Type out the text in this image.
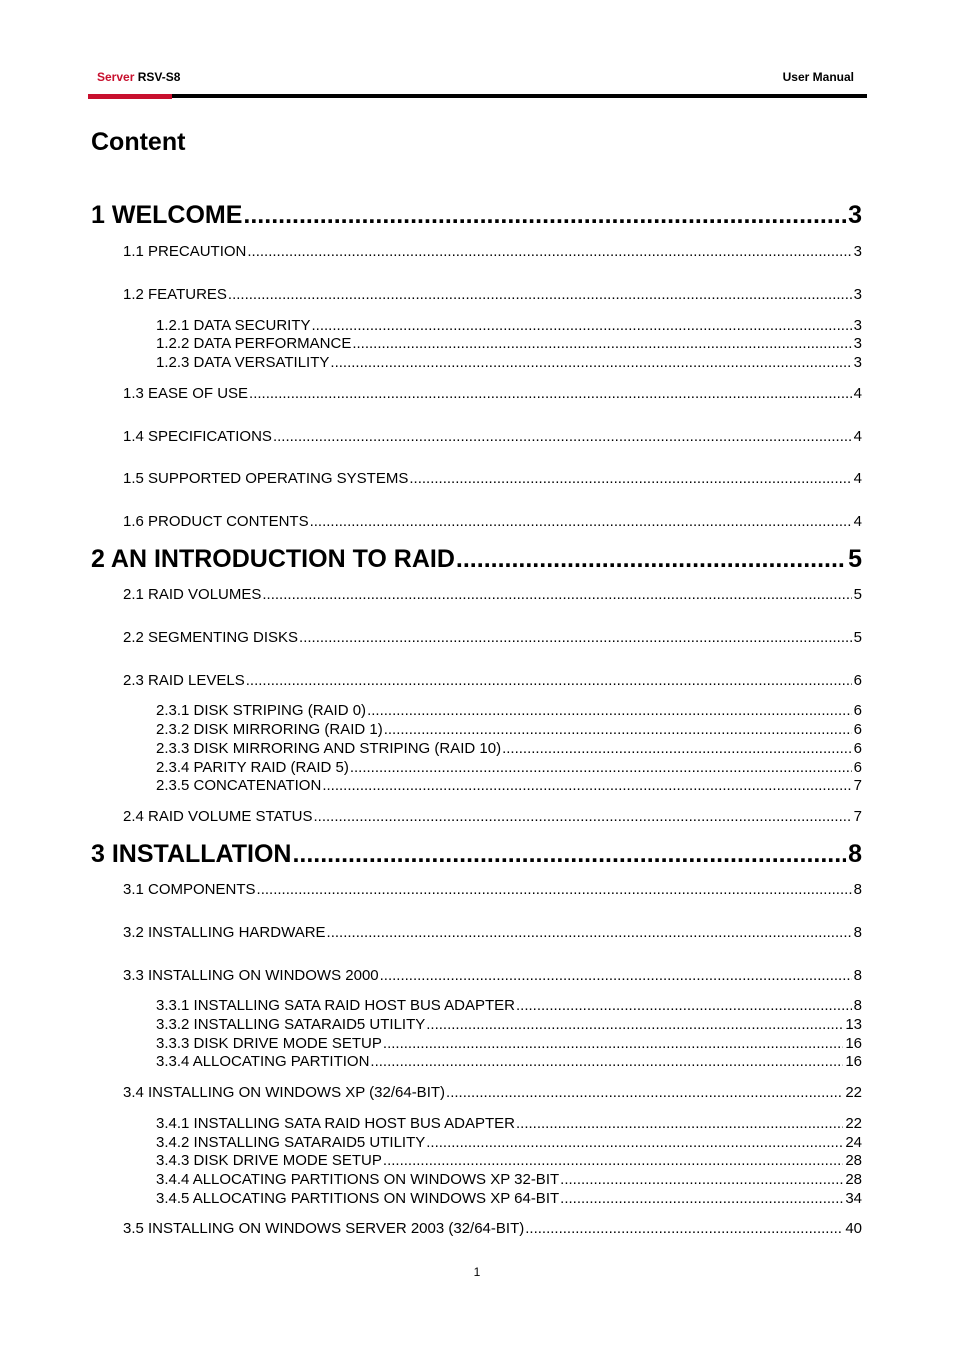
Server RSV-S8	User Manual
Content
1 WELCOME .....	3
1.1 PRECAUTION .....	3
1.2 FEATURES .....	3
1.2.1 DATA SECURITY .....	3
1.2.2 DATA PERFORMANCE .....	3
1.2.3 DATA VERSATILITY .....	3
1.3 EASE OF USE .....	4
1.4 SPECIFICATIONS .....	4
1.5 SUPPORTED OPERATING SYSTEMS .....	4
1.6 PRODUCT CONTENTS .....	4
2 AN INTRODUCTION TO RAID .....	5
2.1 RAID VOLUMES .....	5
2.2 SEGMENTING DISKS .....	5
2.3 RAID LEVELS .....	6
2.3.1 DISK STRIPING (RAID 0) .....	6
2.3.2 DISK MIRRORING (RAID 1) .....	6
2.3.3 DISK MIRRORING AND STRIPING (RAID 10) .....	6
2.3.4 PARITY RAID (RAID 5) .....	6
2.3.5 CONCATENATION .....	7
2.4 RAID VOLUME STATUS .....	7
3 INSTALLATION .....	8
3.1 COMPONENTS .....	8
3.2 INSTALLING HARDWARE .....	8
3.3 INSTALLING ON WINDOWS 2000 .....	8
3.3.1 INSTALLING SATA RAID HOST BUS ADAPTER .....	8
3.3.2 INSTALLING SATARAID5 UTILITY .....	13
3.3.3 DISK DRIVE MODE SETUP .....	16
3.3.4 ALLOCATING PARTITION .....	16
3.4 INSTALLING ON WINDOWS XP (32/64-BIT) .....	22
3.4.1 INSTALLING SATA RAID HOST BUS ADAPTER .....	22
3.4.2 INSTALLING SATARAID5 UTILITY .....	24
3.4.3 DISK DRIVE MODE SETUP .....	28
3.4.4 ALLOCATING PARTITIONS ON WINDOWS XP 32-BIT .....	28
3.4.5 ALLOCATING PARTITIONS ON WINDOWS XP 64-BIT .....	34
3.5 INSTALLING ON WINDOWS SERVER 2003 (32/64-BIT) .....	40
1
